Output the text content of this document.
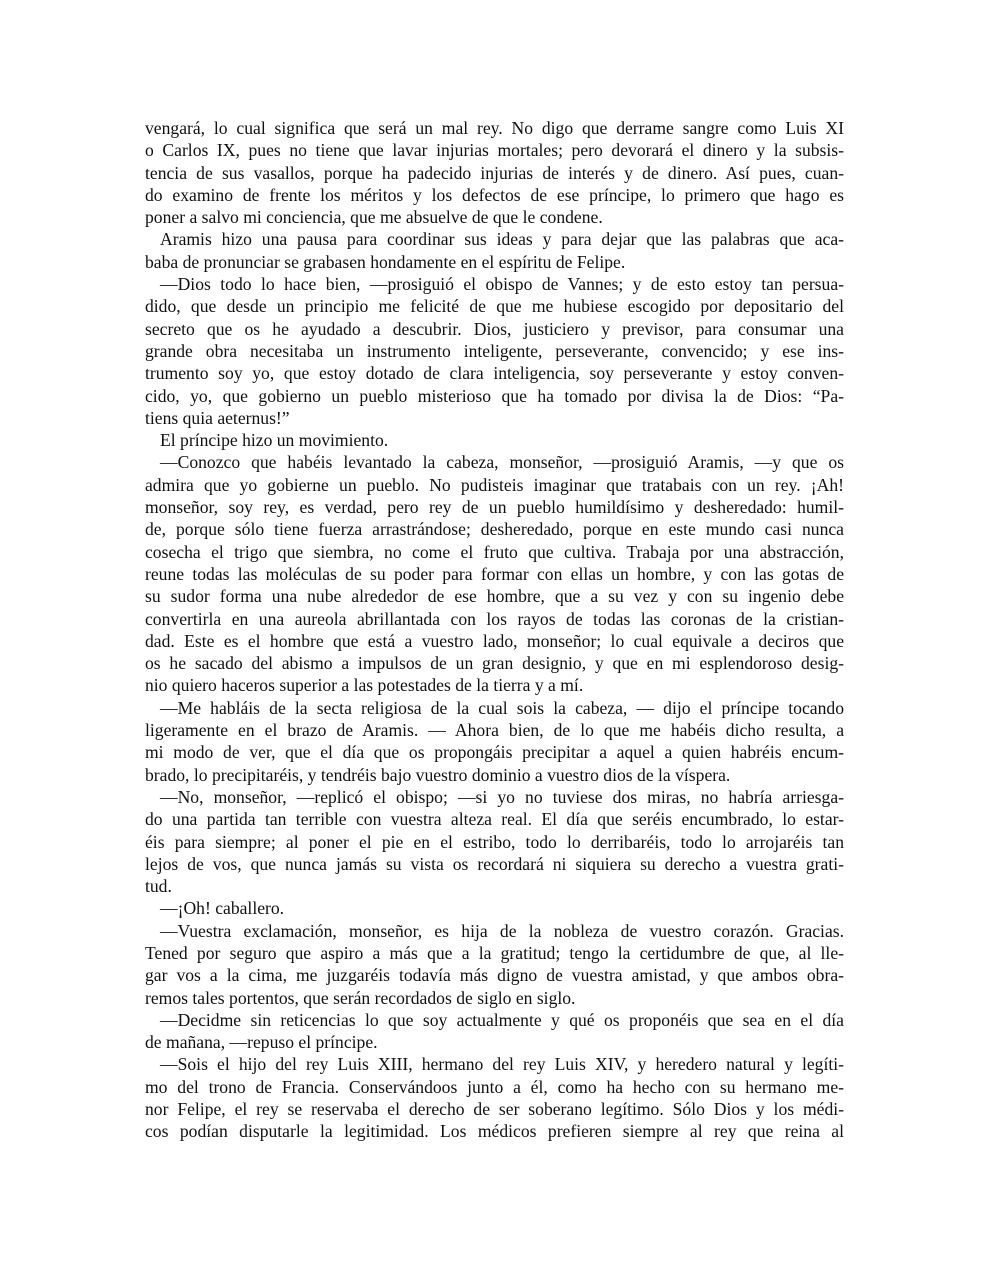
vengará, lo cual significa que será un mal rey. No digo que derrame sangre como Luis XI
o Carlos IX, pues no tiene que lavar injurias mortales; pero devorará el dinero y la subsis-
tencia de sus vasallos, porque ha padecido injurias de interés y de dinero. Así pues, cuan-
do examino de frente los méritos y los defectos de ese príncipe, lo primero que hago es
poner a salvo mi conciencia, que me absuelve de que le condene.

Aramis hizo una pausa para coordinar sus ideas y para dejar que las palabras que aca-
baba de pronunciar se grabasen hondamente en el espíritu de Felipe.

—Dios todo lo hace bien, —prosiguió el obispo de Vannes; y de esto estoy tan persua-
dido, que desde un principio me felicité de que me hubiese escogido por depositario del
secreto que os he ayudado a descubrir. Dios, justiciero y previsor, para consumar una
grande obra necesitaba un instrumento inteligente, perseverante, convencido; y ese ins-
trumento soy yo, que estoy dotado de clara inteligencia, soy perseverante y estoy conven-
cido, yo, que gobierno un pueblo misterioso que ha tomado por divisa la de Dios: “Pa-
tiens quia aeternus!”

El príncipe hizo un movimiento.

—Conozco que habéis levantado la cabeza, monseñor, —prosiguió Aramis, —y que os
admira que yo gobierne un pueblo. No pudisteis imaginar que tratabais con un rey. ¡Ah!
monseñor, soy rey, es verdad, pero rey de un pueblo humildísimo y desheredado: humil-
de, porque sólo tiene fuerza arrastrándose; desheredado, porque en este mundo casi nunca
cosecha el trigo que siembra, no come el fruto que cultiva. Trabaja por una abstracción,
reune todas las moléculas de su poder para formar con ellas un hombre, y con las gotas de
su sudor forma una nube alrededor de ese hombre, que a su vez y con su ingenio debe
convertirla en una aureola abrillantada con los rayos de todas las coronas de la cristian-
dad. Este es el hombre que está a vuestro lado, monseñor; lo cual equivale a deciros que
os he sacado del abismo a impulsos de un gran designio, y que en mi esplendoroso desig-
nio quiero haceros superior a las potestades de la tierra y a mí.

—Me habláis de la secta religiosa de la cual sois la cabeza, — dijo el príncipe tocando
ligeramente en el brazo de Aramis. — Ahora bien, de lo que me habéis dicho resulta, a
mi modo de ver, que el día que os propongáis precipitar a aquel a quien habréis encum-
brado, lo precipitaréis, y tendréis bajo vuestro dominio a vuestro dios de la víspera.

—No, monseñor, —replicó el obispo; —si yo no tuviese dos miras, no habría arriesga-
do una partida tan terrible con vuestra alteza real. El día que seréis encumbrado, lo estar-
éis para siempre; al poner el pie en el estribo, todo lo derribaréis, todo lo arrojaréis tan
lejos de vos, que nunca jamás su vista os recordará ni siquiera su derecho a vuestra grati-
tud.

—¡Oh! caballero.

—Vuestra exclamación, monseñor, es hija de la nobleza de vuestro corazón. Gracias.
Tened por seguro que aspiro a más que a la gratitud; tengo la certidumbre de que, al lle-
gar vos a la cima, me juzgaréis todavía más digno de vuestra amistad, y que ambos obra-
remos tales portentos, que serán recordados de siglo en siglo.

—Decidme sin reticencias lo que soy actualmente y qué os proponéis que sea en el día
de mañana, —repuso el príncipe.

—Sois el hijo del rey Luis XIII, hermano del rey Luis XIV, y heredero natural y legíti-
mo del trono de Francia. Conservándoos junto a él, como ha hecho con su hermano me-
nor Felipe, el rey se reservaba el derecho de ser soberano legítimo. Sólo Dios y los médi-
cos podían disputarle la legitimidad. Los médicos prefieren siempre al rey que reina al
